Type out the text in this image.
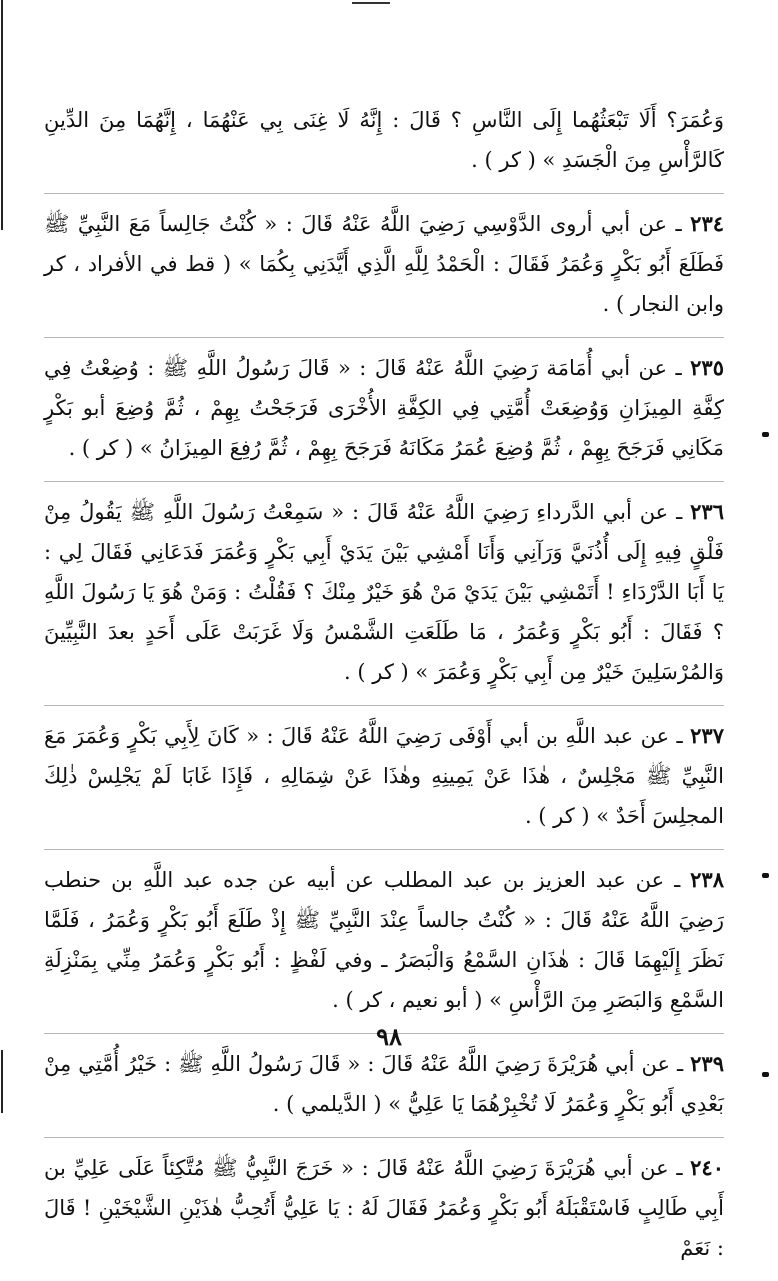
وَعُمَرَ؟ أَلَا تَبْعَثُهُما إِلَى النَّاسِ ؟ قَالَ : إِنَّهُ لَا غِنَى بِي عَنْهُمَا ، إِنَّهُمَا مِنَ الدِّينِ كَالرَّأْسِ مِنَ الْجَسَدِ » ( كر ) .

٢٣٤ ـ عن أبي أروى الدَّوْسِي رَضِيَ اللَّهُ عَنْهُ قَالَ : « كُنْتُ جَالِساً مَعَ النَّبِيِّ ﷺ فَطَلَعَ أَبُو بَكْرٍ وَعُمَرُ فَقَالَ : الْحَمْدُ لِلَّهِ الَّذِي أَيَّدَنِي بِكُمَا » ( قط في الأفراد ، كر وابن النجار ) .

٢٣٥ ـ عن أبي أُمَامَة رَضِيَ اللَّهُ عَنْهُ قَالَ : « قَالَ رَسُولُ اللَّهِ ﷺ : وُضِعْتُ فِي كِفَّةِ المِيزَانِ وَوُضِعَتْ أُمَّتِي فِي الكِفَّةِ الأُخْرَى فَرَجَحْتُ بِهِمْ ، ثُمَّ وُضِعَ أبو بَكْرٍ مَكَانِي فَرَجَحَ بِهِمْ ، ثُمَّ وُضِعَ عُمَرُ مَكَانَهُ فَرَجَحَ بِهِمْ ، ثُمَّ رُفِعَ المِيزَانُ » ( كر ) .

٢٣٦ ـ عن أبي الدَّرداءِ رَضِيَ اللَّهُ عَنْهُ قَالَ : « سَمِعْتُ رَسُولَ اللَّهِ ﷺ يَقُولُ مِنْ فَلْقٍ فِيهِ إِلَى أُذُنَيَّ وَرَآنِي وَأَنَا أَمْشِي بَيْنَ يَدَيْ أَبِي بَكْرٍ وَعُمَرَ فَدَعَانِي فَقَالَ لِي : يَا أَبَا الدَّرْدَاءِ ! أَتَمْشِي بَيْنَ يَدَيْ مَنْ هُوَ خَيْرٌ مِنْكَ ؟ فَقُلْتُ : وَمَنْ هُوَ يَا رَسُولَ اللَّهِ ؟ فَقَالَ : أَبُو بَكْرٍ وَعُمَرُ ، مَا طَلَعَتِ الشَّمْسُ وَلَا غَرَبَتْ عَلَى أَحَدٍ بعدَ النَّبِيِّينَ وَالمُرْسَلِينَ خَيْرٌ مِن أَبِي بَكْرٍ وَعُمَرَ » ( كر ) .

٢٣٧ ـ عن عبد اللَّهِ بن أبي أَوْفَى رَضِيَ اللَّهُ عَنْهُ قَالَ : « كَانَ لِأَبِي بَكْرٍ وَعُمَرَ مَعَ النَّبِيِّ ﷺ مَجْلِسٌ ، هٰذَا عَنْ يَمِينِهِ وهٰذَا عَنْ شِمَالِهِ ، فَإِذَا غَابَا لَمْ يَجْلِسْ ذٰلِكَ المجلِسَ أَحَدٌ » ( كر ) .

٢٣٨ ـ عن عبد العزيز بن عبد المطلب عن أبيه عن جده عبد اللَّهِ بن حنطب رَضِيَ اللَّهُ عَنْهُ قَالَ : « كُنْتُ جالساً عِنْدَ النَّبِيِّ ﷺ إِذْ طَلَعَ أَبُو بَكْرٍ وَعُمَرُ ، فَلَمَّا نَظَرَ إِلَيْهِمَا قَالَ : هٰذَانِ السَّمْعُ وَالْبَصَرُ ـ وفي لَفْظٍ : أَبُو بَكْرٍ وَعُمَرُ مِنِّي بِمَنْزِلَةِ السَّمْعِ وَالبَصَرِ مِنَ الرَّأْسِ » ( أبو نعيم ، كر ) .

٢٣٩ ـ عن أبي هُرَيْرَةَ رَضِيَ اللَّهُ عَنْهُ قَالَ : « قَالَ رَسُولُ اللَّهِ ﷺ : خَيْرُ أُمَّتِي مِنْ بَعْدِي أَبُو بَكْرٍ وَعُمَرُ لَا تُخْبِرْهُمَا يَا عَلِيُّ » ( الدَّيلمي ) .

٢٤٠ ـ عن أبي هُرَيْرَةَ رَضِيَ اللَّهُ عَنْهُ قَالَ : « خَرَجَ النَّبِيُّ ﷺ مُتَّكِئاً عَلَى عَلِيِّ بن أَبِي طَالِبٍ فَاسْتَقْبَلَهُ أَبُو بَكْرٍ وَعُمَرُ فَقَالَ لَهُ : يَا عَلِيُّ أَتُحِبُّ هٰذَيْنِ الشَّيْخَيْنِ ! قَالَ : نَعَمْ

٩٨
